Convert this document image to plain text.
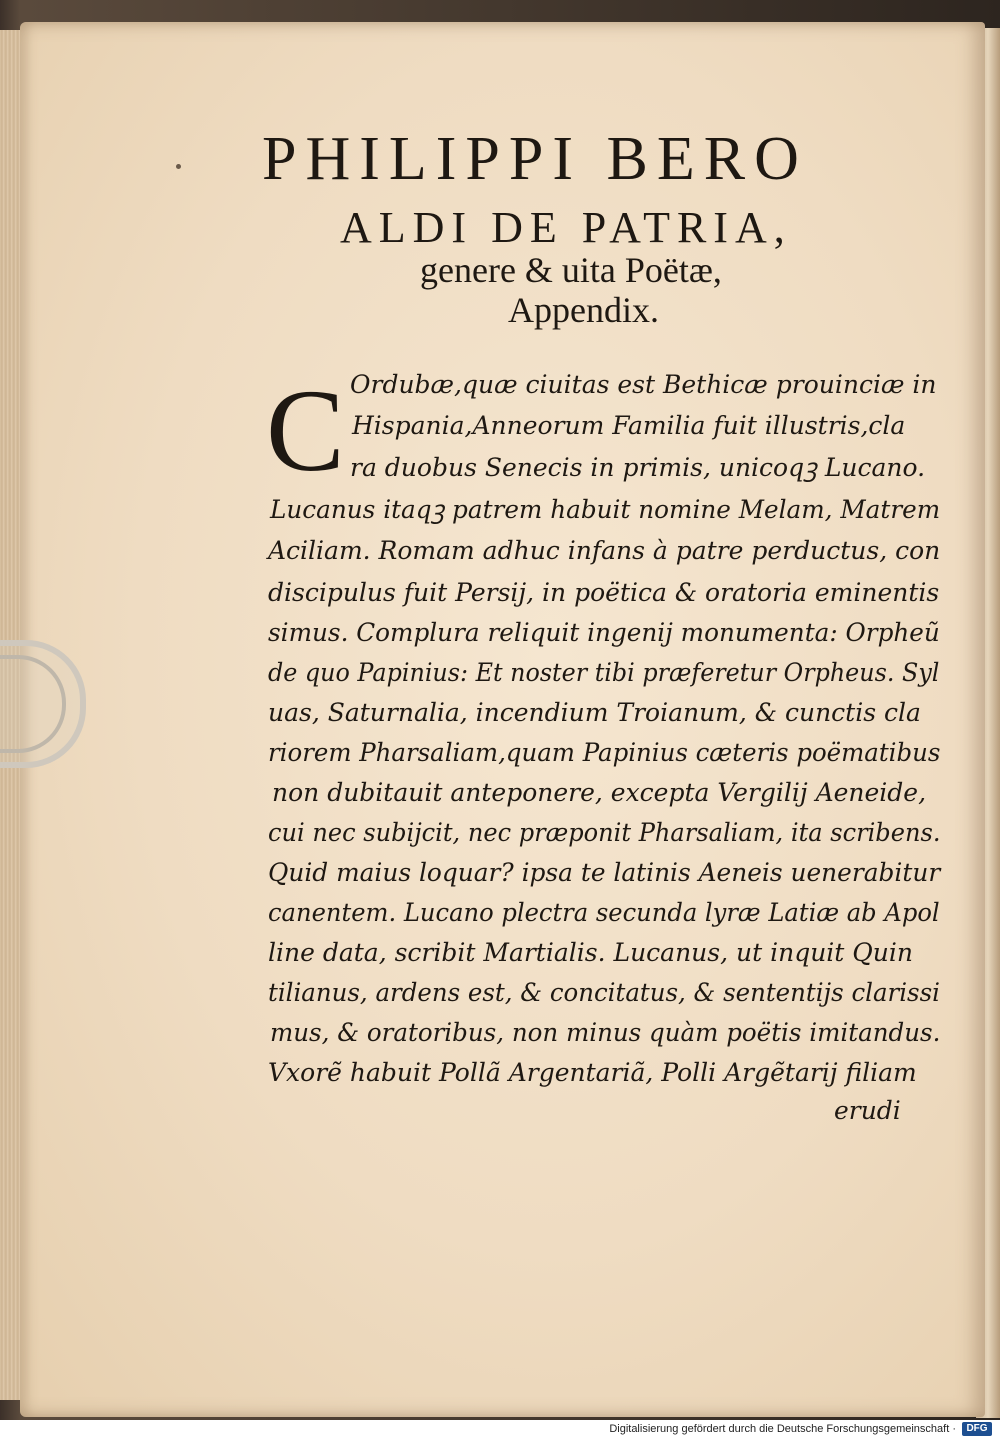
PHILIPPI BERO
ALDI DE PATRIA,
genere & uita Poëtæ,
Appendix.
C Ordubæ,quæ ciuitas est Bethicæ prouinciæ in
Hispania,Anneorum Familia fuit illustris,cla
ra duobus Senecis in primis, unicoqꝫ Lucano.
Lucanus itaqꝫ patrem habuit nomine Melam, Matrem
Aciliam. Romam adhuc infans à patre perductus, con
discipulus fuit Persij, in poëtica & oratoria eminentis
simus. Complura reliquit ingenij monumenta: Orpheũ
de quo Papinius: Et noster tibi præferetur Orpheus. Syl
uas, Saturnalia, incendium Troianum, & cunctis cla
riorem Pharsaliam,quam Papinius cæteris poëmatibus
non dubitauit anteponere, excepta Vergilij Aeneide,
cui nec subijcit, nec præponit Pharsaliam, ita scribens.
Quid maius loquar? ipsa te latinis Aeneis uenerabitur
canentem. Lucano plectra secunda lyræ Latiæ ab Apol
line data, scribit Martialis. Lucanus, ut inquit Quin
tilianus, ardens est, & concitatus, & sententijs clarissi
mus, & oratoribus, non minus quàm poëtis imitandus.
Vxorẽ habuit Pollã Argentariã, Polli Argẽtarij filiam
erudi
Digitalisierung gefördert durch die Deutsche Forschungsgemeinschaft ·	DFG
